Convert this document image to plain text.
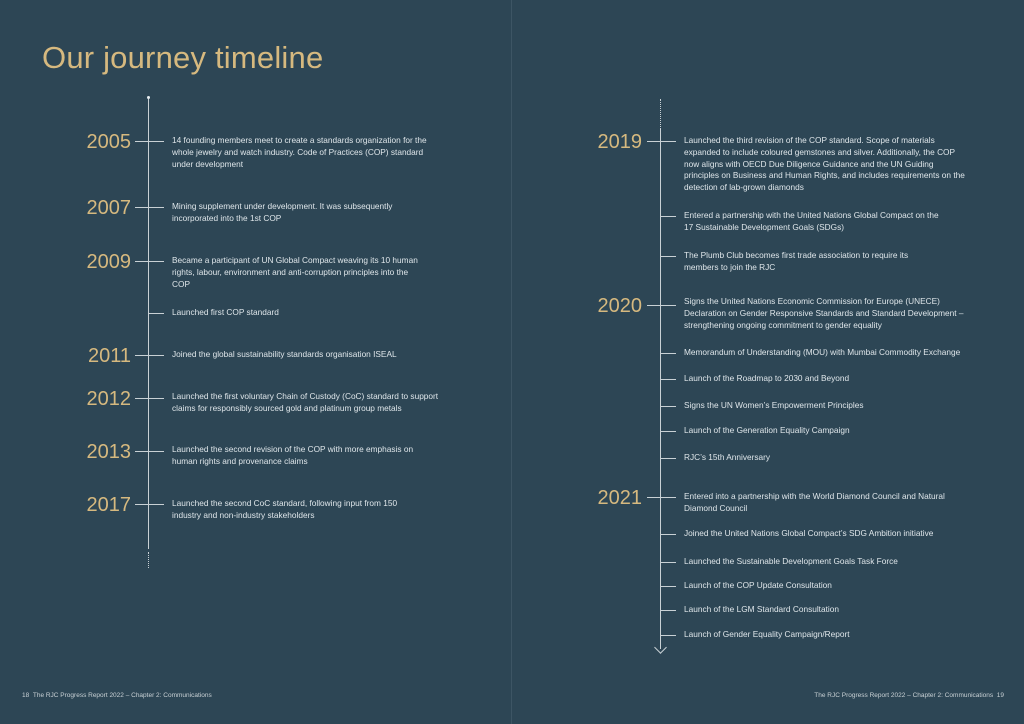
Our journey timeline
2005	14 founding members meet to create a standards organization for the whole jewelry and watch industry. Code of Practices (COP) standard under development
2007	Mining supplement under development. It was subsequently incorporated into the 1st COP
2009	Became a participant of UN Global Compact weaving its 10 human rights, labour, environment and anti-corruption principles into the COP
Launched first COP standard
2011	Joined the global sustainability standards organisation ISEAL
2012	Launched the first voluntary Chain of Custody (CoC) standard to support claims for responsibly sourced gold and platinum group metals
2013	Launched the second revision of the COP with more emphasis on human rights and provenance claims
2017	Launched the second CoC standard, following input from 150 industry and non-industry stakeholders
2019	Launched the third revision of the COP standard. Scope of materials expanded to include coloured gemstones and silver. Additionally, the COP now aligns with OECD Due Diligence Guidance and the UN Guiding principles on Business and Human Rights, and includes requirements on the detection of lab-grown diamonds
Entered a partnership with the United Nations Global Compact on the 17 Sustainable Development Goals (SDGs)
The Plumb Club becomes first trade association to require its members to join the RJC
2020	Signs the United Nations Economic Commission for Europe (UNECE) Declaration on Gender Responsive Standards and Standard Development – strengthening ongoing commitment to gender equality
Memorandum of Understanding (MOU) with Mumbai Commodity Exchange
Launch of the Roadmap to 2030 and Beyond
Signs the UN Women’s Empowerment Principles
Launch of the Generation Equality Campaign
RJC’s 15th Anniversary
2021	Entered into a partnership with the World Diamond Council and Natural Diamond Council
Joined the United Nations Global Compact’s SDG Ambition initiative
Launched the Sustainable Development Goals Task Force
Launch of the COP Update Consultation
Launch of the LGM Standard Consultation
Launch of Gender Equality Campaign/Report
18 The RJC Progress Report 2022 – Chapter 2: Communications	The RJC Progress Report 2022 – Chapter 2: Communications 19
